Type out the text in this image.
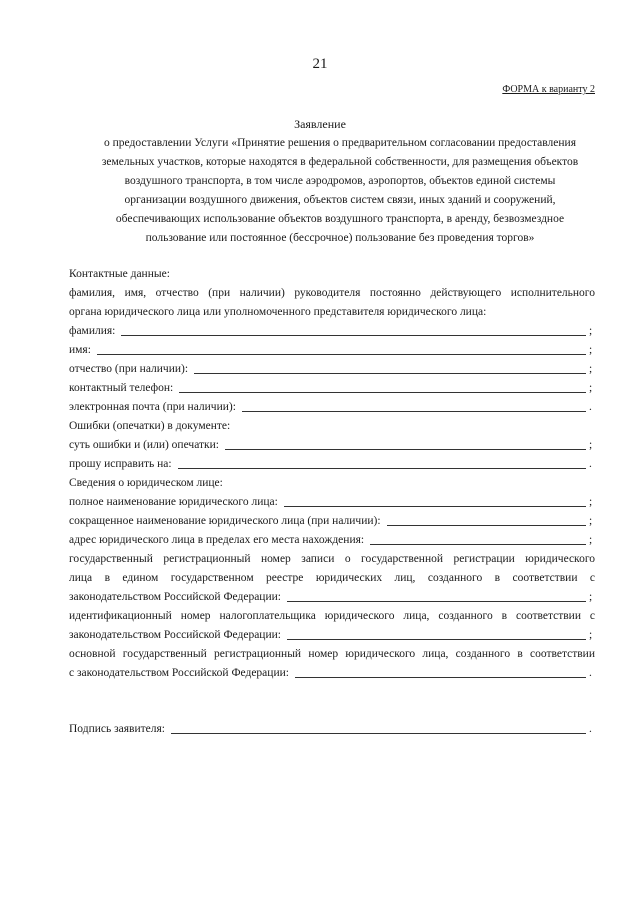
21
ФОРМА к варианту 2
Заявление
о предоставлении Услуги «Принятие решения о предварительном согласовании предоставления
земельных участков, которые находятся в федеральной собственности, для размещения объектов
воздушного транспорта, в том числе аэродромов, аэропортов, объектов единой системы
организации воздушного движения, объектов систем связи, иных зданий и сооружений,
обеспечивающих использование объектов воздушного транспорта, в аренду, безвозмездное
пользование или постоянное (бессрочное) пользование без проведения торгов»
Контактные данные:
фамилия, имя, отчество (при наличии) руководителя постоянно действующего исполнительного
органа юридического лица или уполномоченного представителя юридического лица:
фамилия:	;
имя:	;
отчество (при наличии):	;
контактный телефон:	;
электронная почта (при наличии):	.
Ошибки (опечатки) в документе:
суть ошибки и (или) опечатки:	;
прошу исправить на:	.
Сведения о юридическом лице:
полное наименование юридического лица:	;
сокращенное наименование юридического лица (при наличии):	;
адрес юридического лица в пределах его места нахождения:	;
государственный регистрационный номер записи о государственной регистрации юридического
лица в едином государственном реестре юридических лиц, созданного в соответствии с
законодательством Российской Федерации:	;
идентификационный номер налогоплательщика юридического лица, созданного в соответствии с
законодательством Российской Федерации:	;
основной государственный регистрационный номер юридического лица, созданного в соответствии
с законодательством Российской Федерации:	.
Подпись заявителя:	.
